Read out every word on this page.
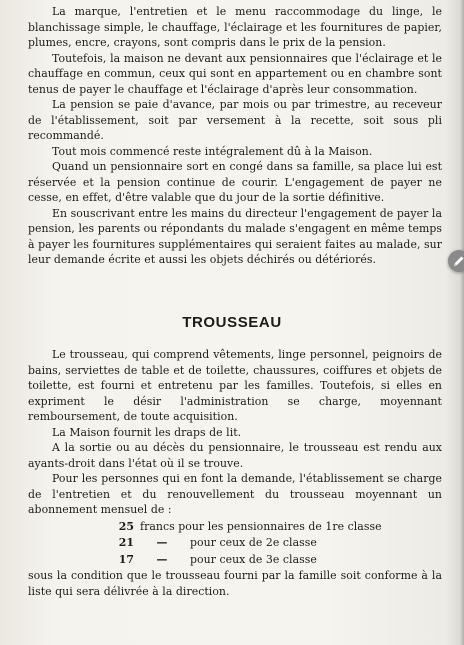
La marque, l'entretien et le menu raccommodage du linge, le blanchissage simple, le chauffage, l'éclairage et les fournitures de papier, plumes, encre, crayons, sont compris dans le prix de la pension.

Toutefois, la maison ne devant aux pensionnaires que l'éclairage et le chauffage en commun, ceux qui sont en appartement ou en chambre sont tenus de payer le chauffage et l'éclairage d'après leur consommation.

La pension se paie d'avance, par mois ou par trimestre, au receveur de l'établissement, soit par versement à la recette, soit sous pli recommandé.

Tout mois commencé reste intégralement dû à la Maison.

Quand un pensionnaire sort en congé dans sa famille, sa place lui est réservée et la pension continue de courir. L'engagement de payer ne cesse, en effet, d'être valable que du jour de la sortie définitive.

En souscrivant entre les mains du directeur l'engagement de payer la pension, les parents ou répondants du malade s'engagent en même temps à payer les fournitures supplémentaires qui seraient faites au malade, sur leur demande écrite et aussi les objets déchirés ou détériorés.

TROUSSEAU

Le trousseau, qui comprend vêtements, linge personnel, peignoirs de bains, serviettes de table et de toilette, chaussures, coiffures et objets de toilette, est fourni et entretenu par les familles. Toutefois, si elles en expriment le désir l'administration se charge, moyennant remboursement, de toute acquisition.

La Maison fournit les draps de lit.

A la sortie ou au décès du pensionnaire, le trousseau est rendu aux ayants-droit dans l'état où il se trouve.

Pour les personnes qui en font la demande, l'établissement se charge de l'entretien et du renouvellement du trousseau moyennant un abonnement mensuel de :

25 francs pour les pensionnaires de 1re classe
21	—	pour ceux de 2e classe
17	—	pour ceux de 3e classe

sous la condition que le trousseau fourni par la famille soit conforme à la liste qui sera délivrée à la direction.
